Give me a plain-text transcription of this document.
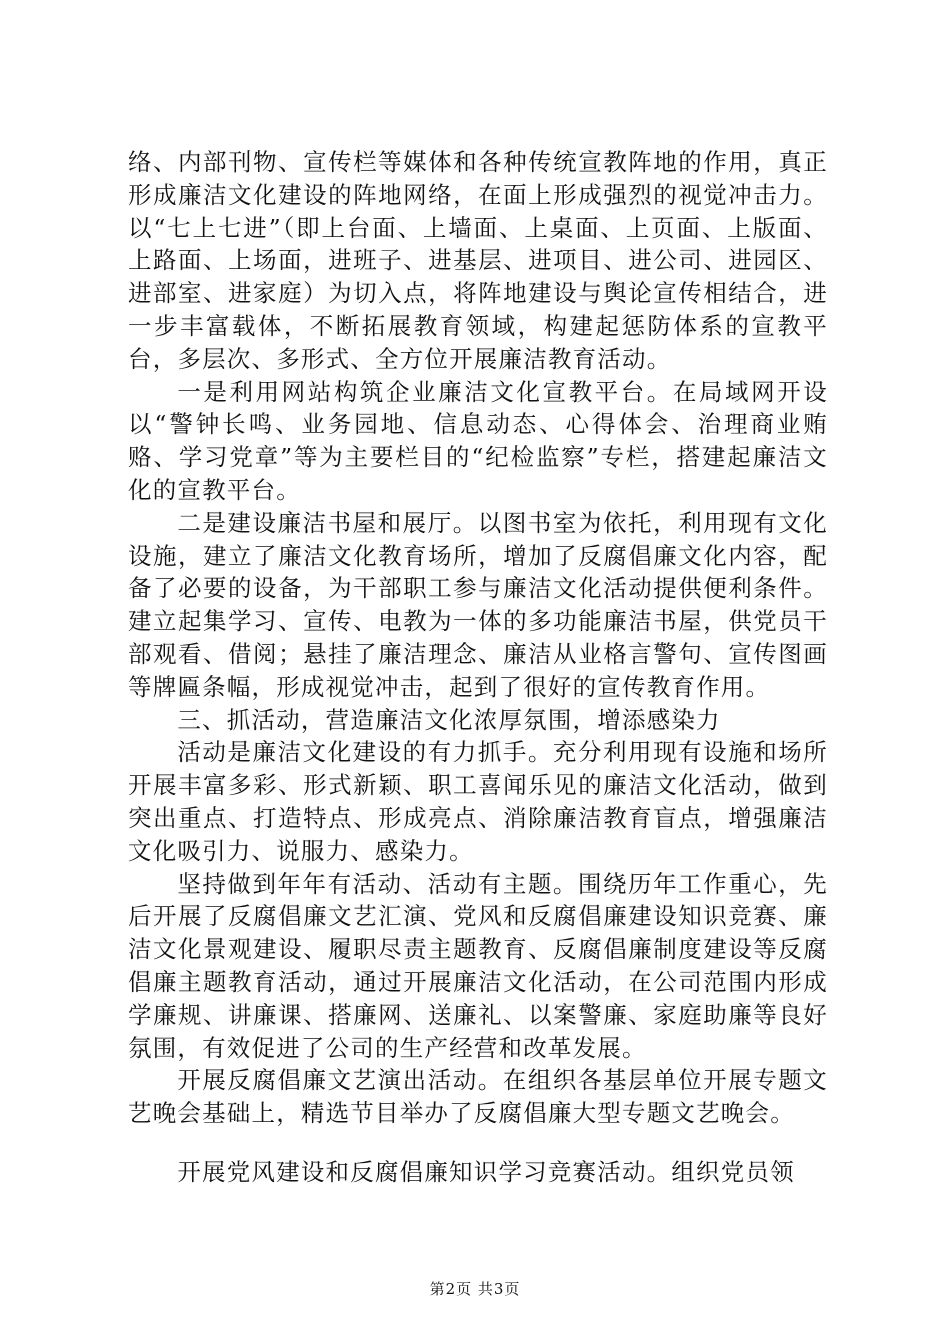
络、内部刊物、宣传栏等媒体和各种传统宣教阵地的作用，真正形成廉洁文化建设的阵地网络，在面上形成强烈的视觉冲击力。以“七上七进”（即上台面、上墙面、上桌面、上页面、上版面、上路面、上场面，进班子、进基层、进项目、进公司、进园区、进部室、进家庭）为切入点，将阵地建设与舆论宣传相结合，进一步丰富载体，不断拓展教育领域，构建起惩防体系的宣教平台，多层次、多形式、全方位开展廉洁教育活动。

一是利用网站构筑企业廉洁文化宣教平台。在局域网开设以“警钟长鸣、业务园地、信息动态、心得体会、治理商业贿赂、学习党章”等为主要栏目的“纪检监察”专栏，搭建起廉洁文化的宣教平台。

二是建设廉洁书屋和展厅。以图书室为依托，利用现有文化设施，建立了廉洁文化教育场所，增加了反腐倡廉文化内容，配备了必要的设备，为干部职工参与廉洁文化活动提供便利条件。建立起集学习、宣传、电教为一体的多功能廉洁书屋，供党员干部观看、借阅；悬挂了廉洁理念、廉洁从业格言警句、宣传图画等牌匾条幅，形成视觉冲击，起到了很好的宣传教育作用。

三、抓活动，营造廉洁文化浓厚氛围，增添感染力

活动是廉洁文化建设的有力抓手。充分利用现有设施和场所开展丰富多彩、形式新颖、职工喜闻乐见的廉洁文化活动，做到突出重点、打造特点、形成亮点、消除廉洁教育盲点，增强廉洁文化吸引力、说服力、感染力。

坚持做到年年有活动、活动有主题。围绕历年工作重心，先后开展了反腐倡廉文艺汇演、党风和反腐倡廉建设知识竞赛、廉洁文化景观建设、履职尽责主题教育、反腐倡廉制度建设等反腐倡廉主题教育活动，通过开展廉洁文化活动，在公司范围内形成学廉规、讲廉课、搭廉网、送廉礼、以案警廉、家庭助廉等良好氛围，有效促进了公司的生产经营和改革发展。

开展反腐倡廉文艺演出活动。在组织各基层单位开展专题文艺晚会基础上，精选节目举办了反腐倡廉大型专题文艺晚会。

开展党风建设和反腐倡廉知识学习竞赛活动。组织党员领

第2页 共3页
